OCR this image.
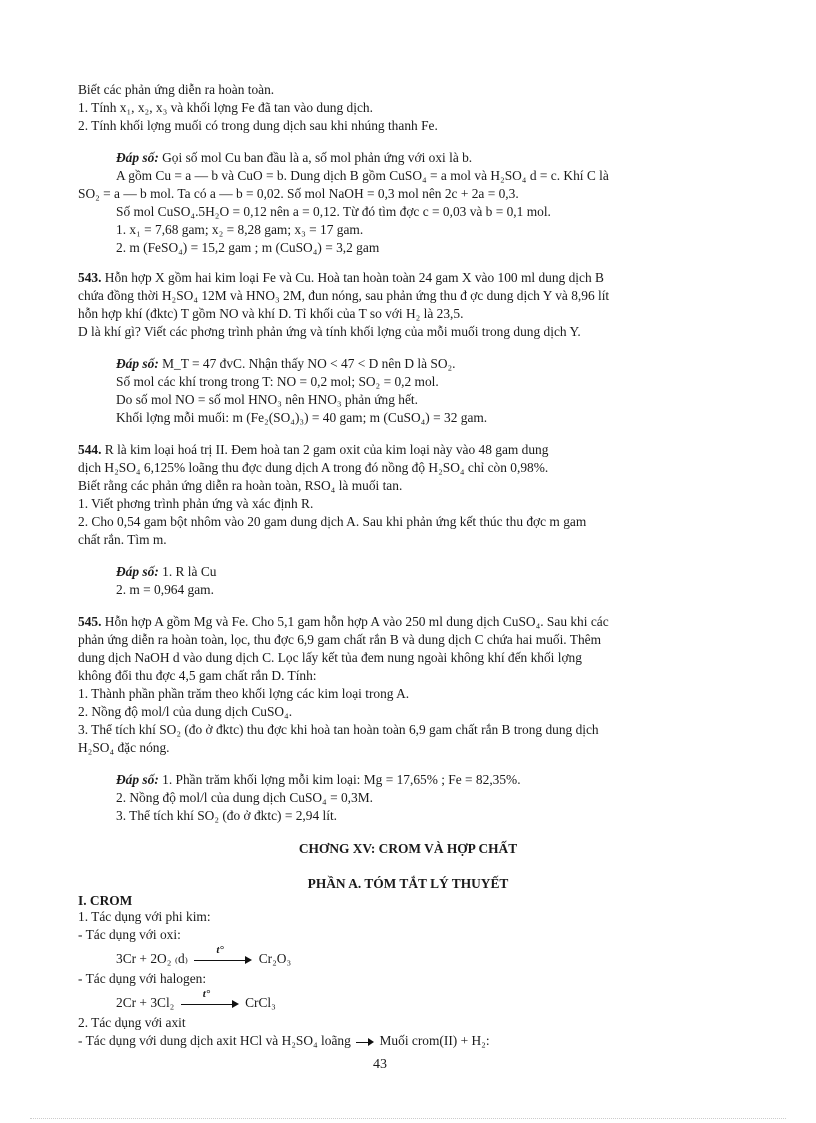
Biết các phản ứng diễn ra hoàn toàn.
1. Tính x₁, x₂, x₃ và khối lợng Fe đã tan vào dung dịch.
2. Tính khối lợng muối có trong dung dịch sau khi nhúng thanh Fe.
Đáp số: Gọi số mol Cu ban đầu là a, số mol phản ứng với oxi là b.
A gồm Cu = a — b và CuO = b. Dung dịch B gồm CuSO₄ = a mol và H₂SO₄ d = c. Khí C là
SO₂ = a — b mol. Ta có a — b = 0,02. Số mol NaOH = 0,3 mol nên 2c + 2a = 0,3.
Số mol CuSO₄.5H₂O = 0,12 nên a = 0,12. Từ đó tìm đợc c = 0,03 và b = 0,1 mol.
1. x₁ = 7,68 gam; x₂ = 8,28 gam; x₃ = 17 gam.
2. m (FeSO₄) = 15,2 gam ; m (CuSO₄) = 3,2 gam
543. Hỗn hợp X gồm hai kim loại Fe và Cu. Hoà tan hoàn toàn 24 gam X vào 100 ml dung dịch B
chứa đồng thời H₂SO₄ 12M và HNO₃ 2M, đun nóng, sau phản ứng thu đ ợc dung dịch Y và 8,96 lít
hỗn hợp khí (đktc) T gồm NO và khí D. Tỉ khối của T so với H₂ là 23,5.
D là khí gì? Viết các phơng trình phản ứng và tính khối lợng của mỗi muối trong dung dịch Y.
Đáp số: M_T = 47 đvC. Nhận thấy NO < 47 < D nên D là SO₂.
Số mol các khí trong trong T: NO = 0,2 mol; SO₂ = 0,2 mol.
Do số mol NO = số mol HNO₃ nên HNO₃ phản ứng hết.
Khối lợng mỗi muối: m (Fe₂(SO₄)₃) = 40 gam; m (CuSO₄) = 32 gam.
544. R là kim loại hoá trị II. Đem hoà tan 2 gam oxit của kim loại này vào 48 gam dung
dịch H₂SO₄ 6,125% loãng thu đợc dung dịch A trong đó nồng độ H₂SO₄ chỉ còn 0,98%.
Biết rằng các phản ứng diễn ra hoàn toàn, RSO₄ là muối tan.
1. Viết phơng trình phản ứng và xác định R.
2. Cho 0,54 gam bột nhôm vào 20 gam dung dịch A. Sau khi phản ứng kết thúc thu đợc m gam
chất rắn. Tìm m.
Đáp số: 1. R là Cu
2. m = 0,964 gam.
545. Hỗn hợp A gồm Mg và Fe. Cho 5,1 gam hỗn hợp A vào 250 ml dung dịch CuSO₄. Sau khi các
phản ứng diễn ra hoàn toàn, lọc, thu đợc 6,9 gam chất rắn B và dung dịch C chứa hai muối. Thêm
dung dịch NaOH d vào dung dịch C. Lọc lấy kết tủa đem nung ngoài không khí đến khối lợng
không đổi thu đợc 4,5 gam chất rắn D. Tính:
1. Thành phần phần trăm theo khối lợng các kim loại trong A.
2. Nồng độ mol/l của dung dịch CuSO₄.
3. Thể tích khí SO₂ (đo ở đktc) thu đợc khi hoà tan hoàn toàn 6,9 gam chất rắn B trong dung dịch
H₂SO₄ đặc nóng.
Đáp số: 1. Phần trăm khối lợng mỗi kim loại: Mg = 17,65% ; Fe = 82,35%.
2. Nồng độ mol/l của dung dịch CuSO₄ = 0,3M.
3. Thể tích khí SO₂ (đo ở đktc) = 2,94 lít.
CHƠNG XV: CROM VÀ HỢP CHẤT
PHẦN A. TÓM TẮT LÝ THUYẾT
I. CROM
1. Tác dụng với phi kim:
- Tác dụng với oxi:
3Cr + 2O₂ ₍d₎
t°
Cr₂O₃
- Tác dụng với halogen:
2Cr + 3Cl₂
t°
CrCl₃
2. Tác dụng với axit
- Tác dụng với dung dịch axit HCl và H₂SO₄ loãng Muối crom(II) + H₂:
43
